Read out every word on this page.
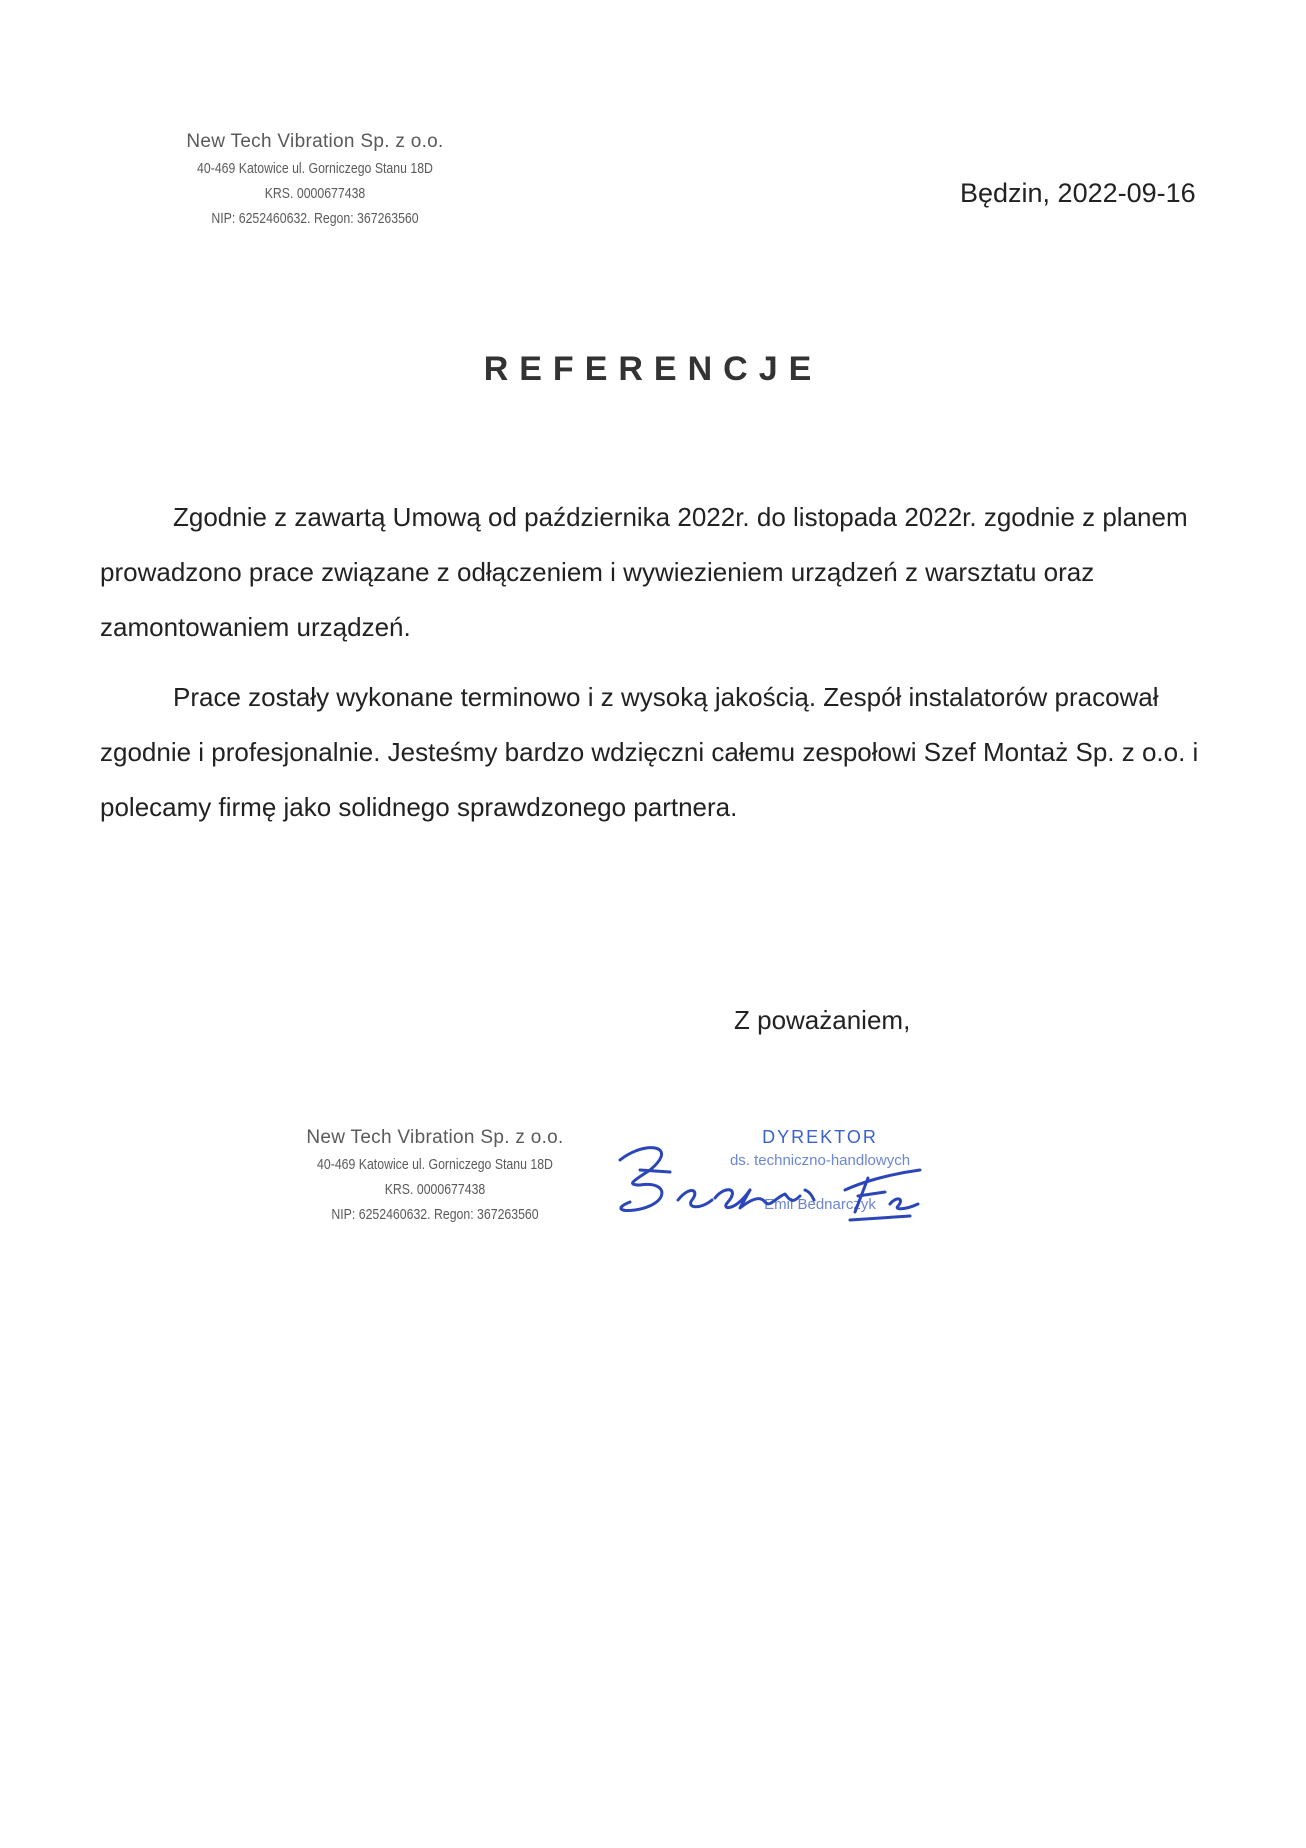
New Tech Vibration Sp. z o.o.
40-469 Katowice ul. Gorniczego Stanu 18D
KRS. 0000677438
NIP: 6252460632. Regon: 367263560
Będzin, 2022-09-16
REFERENCJE

Zgodnie z zawartą Umową od października 2022r. do listopada 2022r. zgodnie z planem prowadzono prace związane z odłączeniem i wywiezieniem urządzeń z warsztatu oraz zamontowaniem urządzeń.

Prace zostały wykonane terminowo i z wysoką jakością. Zespół instalatorów pracował zgodnie i profesjonalnie. Jesteśmy bardzo wdzięczni całemu zespołowi Szef Montaż Sp. z o.o. i polecamy firmę jako solidnego sprawdzonego partnera.

Z poważaniem,
New Tech Vibration Sp. z o.o.
40-469 Katowice ul. Gorniczego Stanu 18D
KRS. 0000677438
NIP: 6252460632. Regon: 367263560
DYREKTOR
ds. techniczno-handlowych
Emil Bednarczyk
